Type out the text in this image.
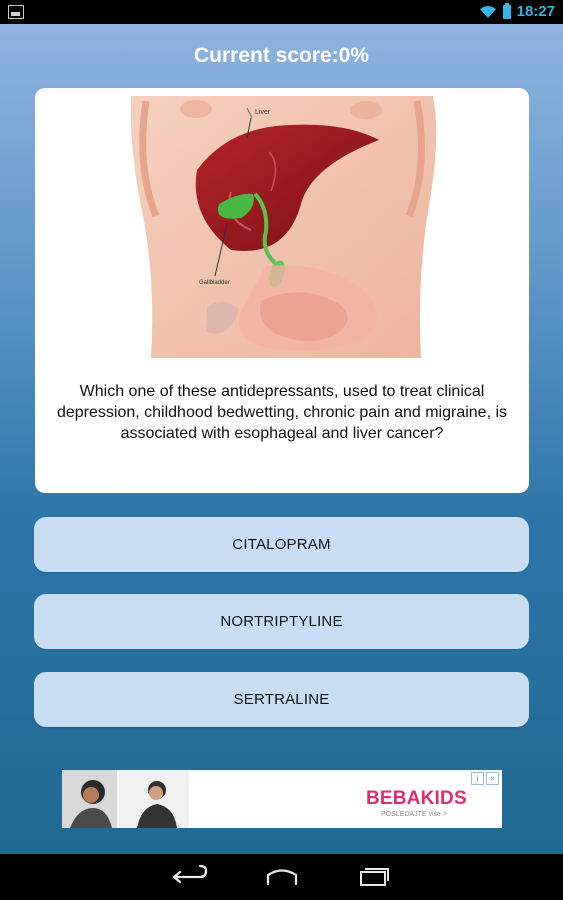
18:27
Current score:0%
Liver
Gallbladder
Which one of these antidepressants, used to treat clinical depression, childhood bedwetting, chronic pain and migraine, is associated with esophageal and liver cancer?
CITALOPRAM
NORTRIPTYLINE
SERTRALINE
BEBAKIDS
POSLEDAJTE više >
i	×
